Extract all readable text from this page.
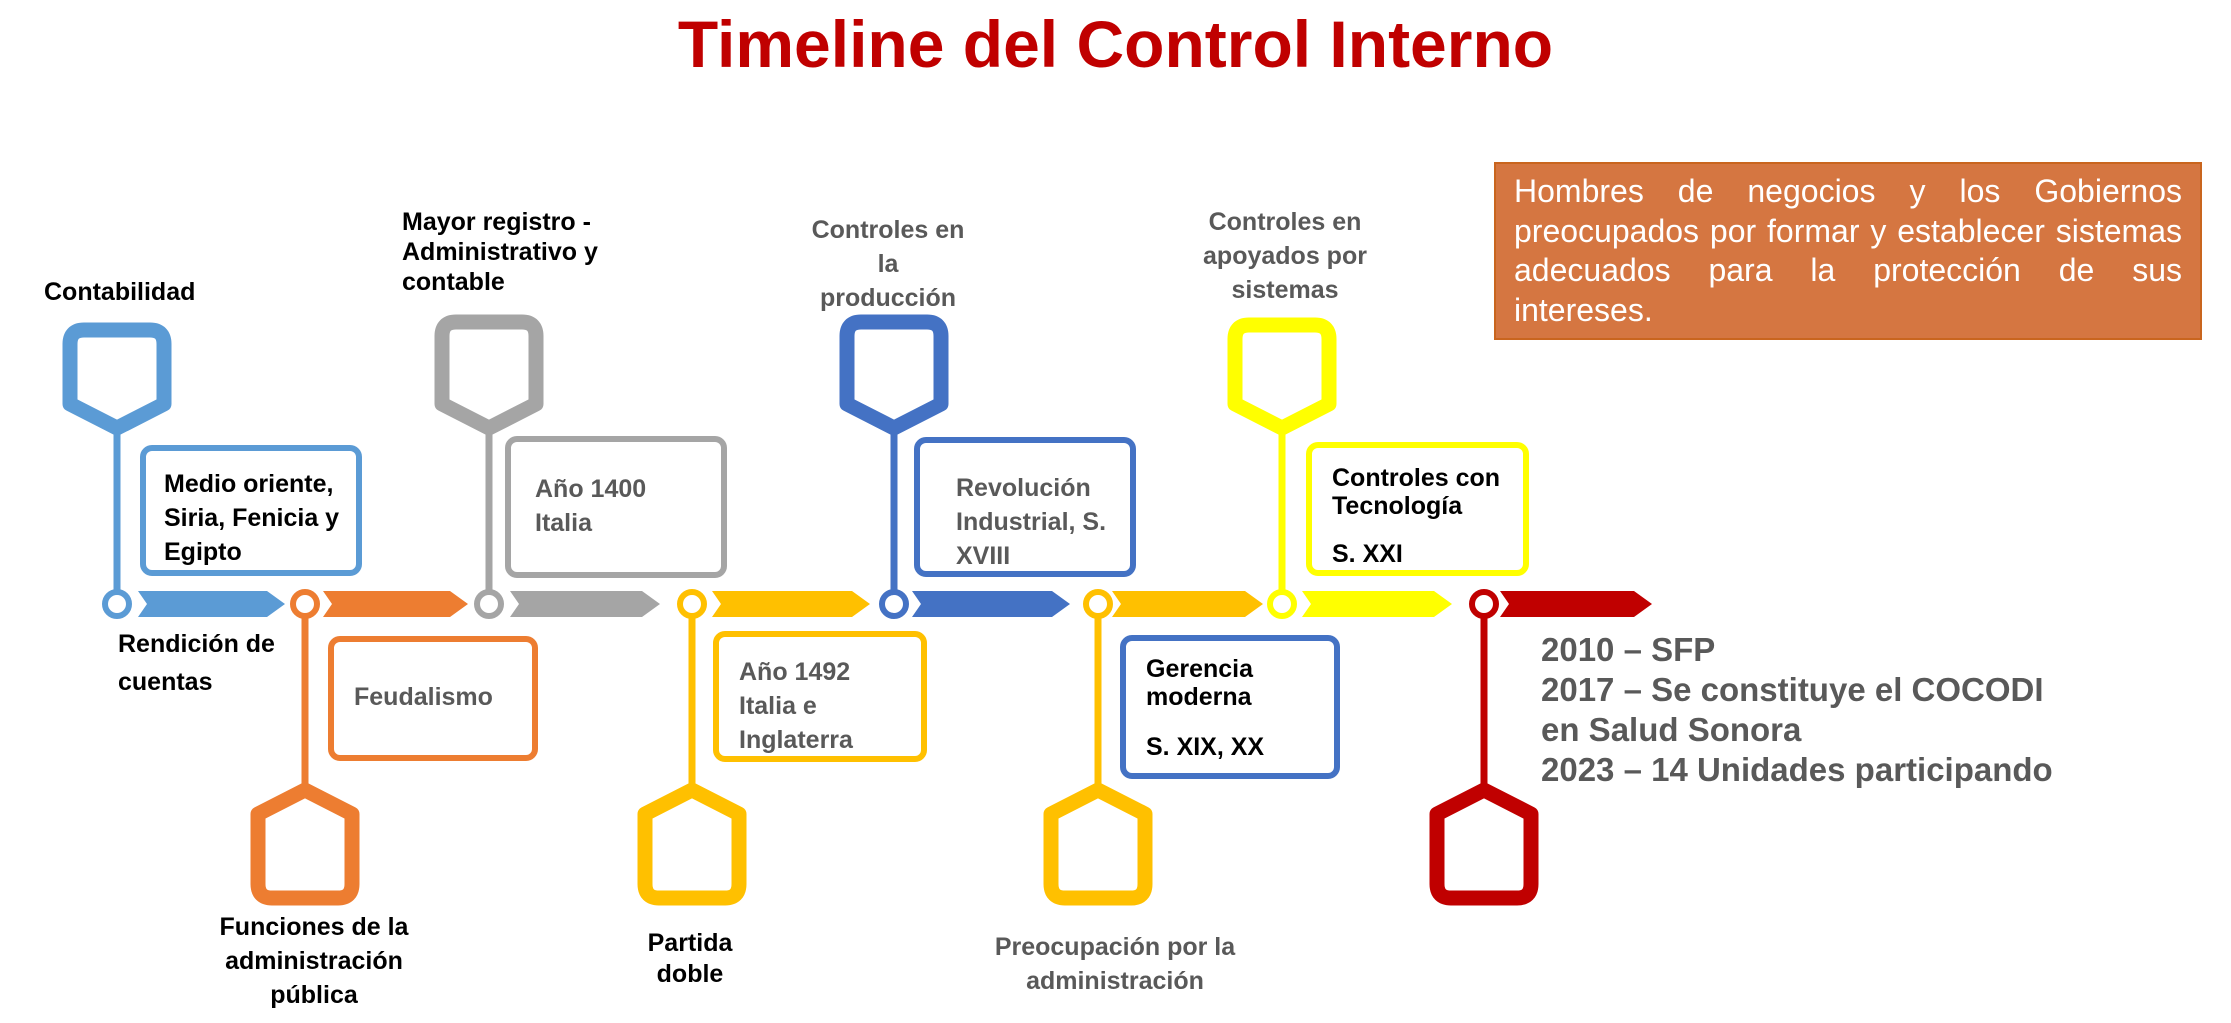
Timeline del Control Interno
Contabilidad
Rendición de
cuentas
Funciones de la
administración
pública
Mayor registro -
Administrativo y
contable
Partida
doble
Controles en
la
producción
Preocupación por la
administración
Controles en
apoyados por
sistemas
Medio oriente,
Siria, Fenicia y
Egipto
Feudalismo
Año 1400
Italia
Año 1492
Italia e
Inglaterra
Revolución
Industrial, S.
XVIII
Gerencia
moderna
S. XIX, XX
Controles con
Tecnología
S. XXI
Hombres de negocios y los Gobiernos preocupados por formar y establecer sistemas adecuados para la protección de sus intereses.
2010 – SFP
2017 – Se constituye el COCODI
en Salud Sonora
2023 – 14 Unidades participando
